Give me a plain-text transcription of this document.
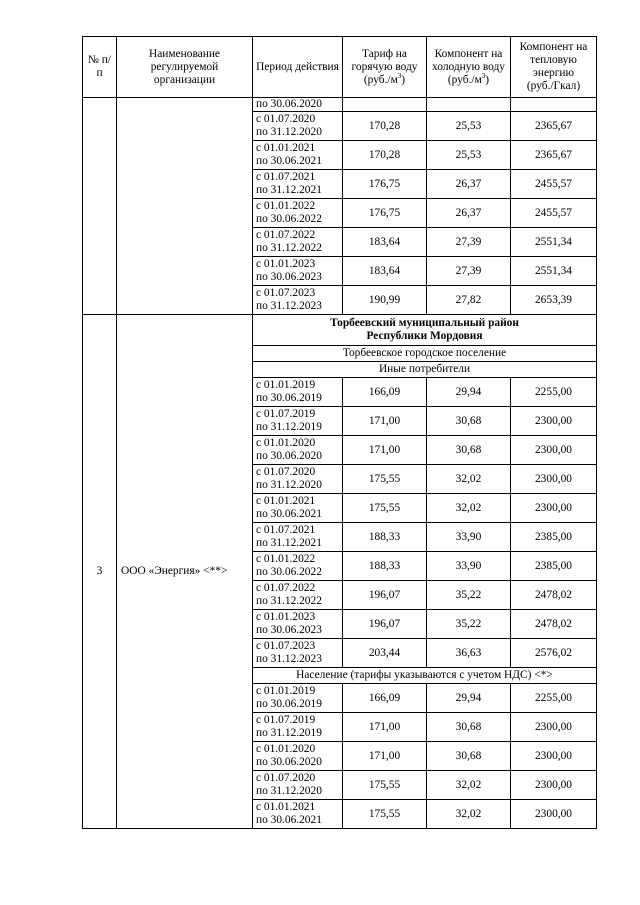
№ п/п	Наименование регулируемой организации	Период действия	Тариф на горячую воду
$(руб./м^3)$	Компонент на холодную воду
$(руб./м^3)$	Компонент на тепловую энергию
(руб./Гкал)
		по 30.06.2020			
		с 01.07.2020
по 31.12.2020	170,28	25,53	2365,67
		с 01.01.2021
по 30.06.2021	170,28	25,53	2365,67
		с 01.07.2021
по 31.12.2021	176,75	26,37	2455,57
		с 01.01.2022
по 30.06.2022	176,75	26,37	2455,57
		с 01.07.2022
по 31.12.2022	183,64	27,39	2551,34
		с 01.01.2023
по 30.06.2023	183,64	27,39	2551,34
		с 01.07.2023
по 31.12.2023	190,99	27,82	2653,39
3	ООО «Энергия» <**>	Торбеевский муниципальный район
Республики Мордовия			
		Торбеевское городское поселение			
		Иные потребители			
		с 01.01.2019
по 30.06.2019	166,09	29,94	2255,00
		с 01.07.2019
по 31.12.2019	171,00	30,68	2300,00
		с 01.01.2020
по 30.06.2020	171,00	30,68	2300,00
		с 01.07.2020
по 31.12.2020	175,55	32,02	2300,00
		с 01.01.2021
по 30.06.2021	175,55	32,02	2300,00
		с 01.07.2021
по 31.12.2021	188,33	33,90	2385,00
		с 01.01.2022
по 30.06.2022	188,33	33,90	2385,00
		с 01.07.2022
по 31.12.2022	196,07	35,22	2478,02
		с 01.01.2023
по 30.06.2023	196,07	35,22	2478,02
		с 01.07.2023
по 31.12.2023	203,44	36,63	2576,02
		Население (тарифы указываются с учетом НДС) <*>			
		с 01.01.2019
по 30.06.2019	166,09	29,94	2255,00
		с 01.07.2019
по 31.12.2019	171,00	30,68	2300,00
		с 01.01.2020
по 30.06.2020	171,00	30,68	2300,00
		с 01.07.2020
по 31.12.2020	175,55	32,02	2300,00
		с 01.01.2021
по 30.06.2021	175,55	32,02	2300,00
